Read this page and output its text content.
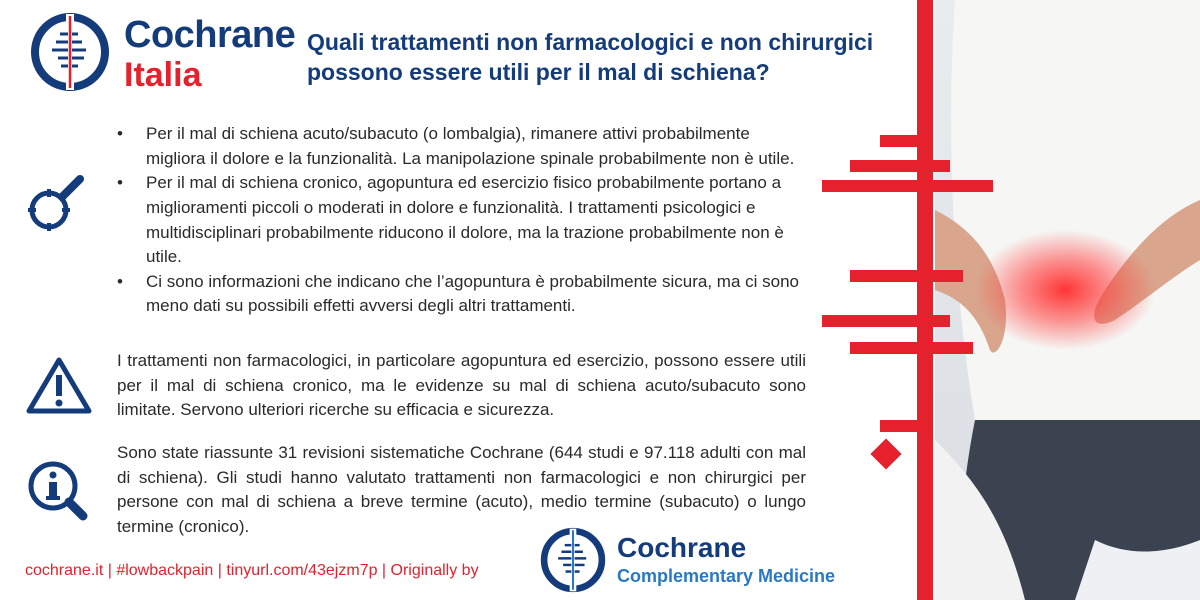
Cochrane
Italia
Quali trattamenti non farmacologici e non chirurgici possono essere utili per il mal di schiena?
• Per il mal di schiena acuto/subacuto (o lombalgia), rimanere attivi probabilmente migliora il dolore e la funzionalità. La manipolazione spinale probabilmente non è utile.
• Per il mal di schiena cronico, agopuntura ed esercizio fisico probabilmente portano a miglioramenti piccoli o moderati in dolore e funzionalità. I trattamenti psicologici e multidisciplinari probabilmente riducono il dolore, ma la trazione probabilmente non è utile.
• Ci sono informazioni che indicano che l’agopuntura è probabilmente sicura, ma ci sono meno dati su possibili effetti avversi degli altri trattamenti.

I trattamenti non farmacologici, in particolare agopuntura ed esercizio, possono essere utili per il mal di schiena cronico, ma le evidenze su mal di schiena acuto/subacuto sono limitate. Servono ulteriori ricerche su efficacia e sicurezza.

Sono state riassunte 31 revisioni sistematiche Cochrane (644 studi e 97.118 adulti con mal di schiena). Gli studi hanno valutato trattamenti non farmacologici e non chirurgici per persone con mal di schiena a breve termine (acuto), medio termine (subacuto) o lungo termine (cronico).

cochrane.it | #lowbackpain | tinyurl.com/43ejzm7p | Originally by
Cochrane
Complementary Medicine
